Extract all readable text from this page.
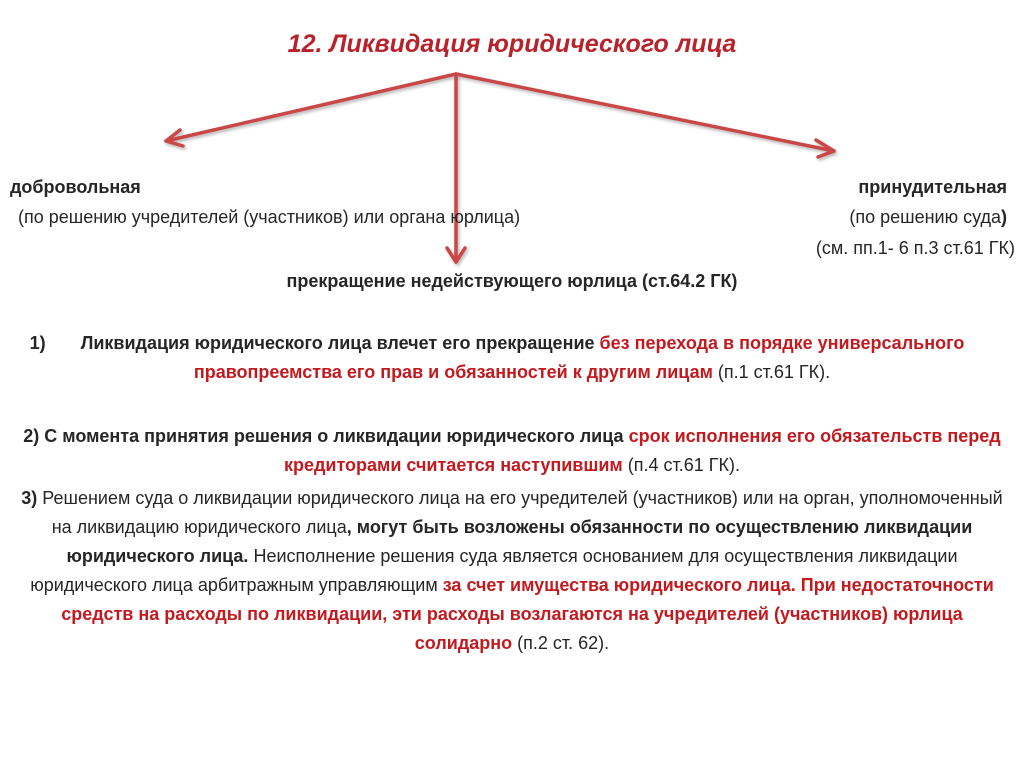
12. Ликвидация юридического лица
добровольная
(по решению учредителей (участников) или органа юрлица)
принудительная
(по решению суда)
(см. пп.1- 6 п.3 ст.61 ГК)
прекращение недействующего юрлица (ст.64.2 ГК)
1) Ликвидация юридического лица влечет его прекращение без перехода в порядке универсального правопреемства его прав и обязанностей к другим лицам (п.1 ст.61 ГК).
2) С момента принятия решения о ликвидации юридического лица срок исполнения его обязательств перед кредиторами считается наступившим (п.4 ст.61 ГК).
3) Решением суда о ликвидации юридического лица на его учредителей (участников) или на орган, уполномоченный на ликвидацию юридического лица, могут быть возложены обязанности по осуществлению ликвидации юридического лица. Неисполнение решения суда является основанием для осуществления ликвидации юридического лица арбитражным управляющим за счет имущества юридического лица. При недостаточности средств на расходы по ликвидации, эти расходы возлагаются на учредителей (участников) юрлица солидарно (п.2 ст. 62).
